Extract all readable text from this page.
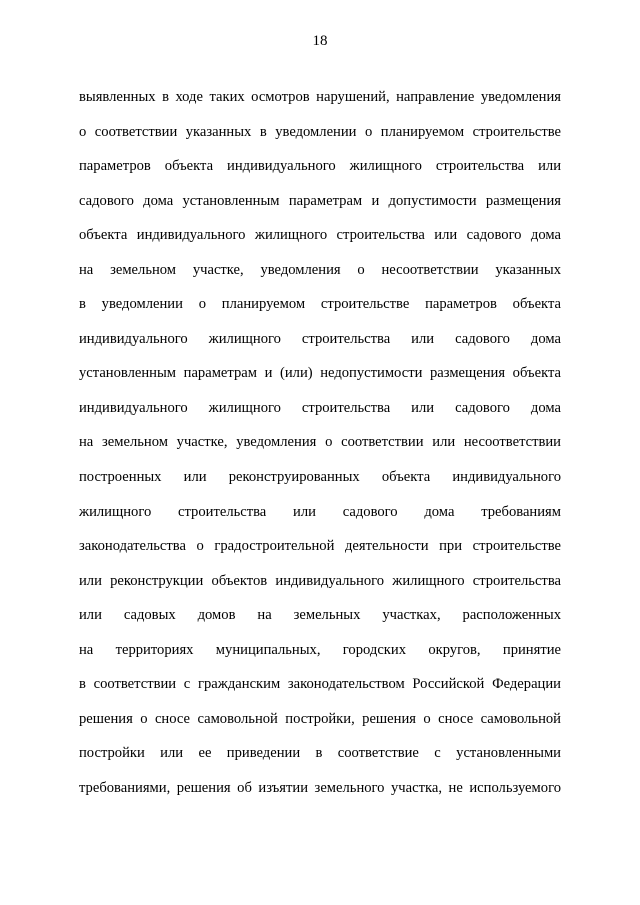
18
выявленных в ходе таких осмотров нарушений, направление уведомления
о соответствии указанных в уведомлении о планируемом строительстве
параметров объекта индивидуального жилищного строительства или
садового дома установленным параметрам и допустимости размещения
объекта индивидуального жилищного строительства или садового дома
на земельном участке, уведомления о несоответствии указанных
в уведомлении о планируемом строительстве параметров объекта
индивидуального жилищного строительства или садового дома
установленным параметрам и (или) недопустимости размещения объекта
индивидуального жилищного строительства или садового дома
на земельном участке, уведомления о соответствии или несоответствии
построенных или реконструированных объекта индивидуального
жилищного строительства или садового дома требованиям
законодательства о градостроительной деятельности при строительстве
или реконструкции объектов индивидуального жилищного строительства
или садовых домов на земельных участках, расположенных
на территориях муниципальных, городских округов, принятие
в соответствии с гражданским законодательством Российской Федерации
решения о сносе самовольной постройки, решения о сносе самовольной
постройки или ее приведении в соответствие с установленными
требованиями, решения об изъятии земельного участка, не используемого
